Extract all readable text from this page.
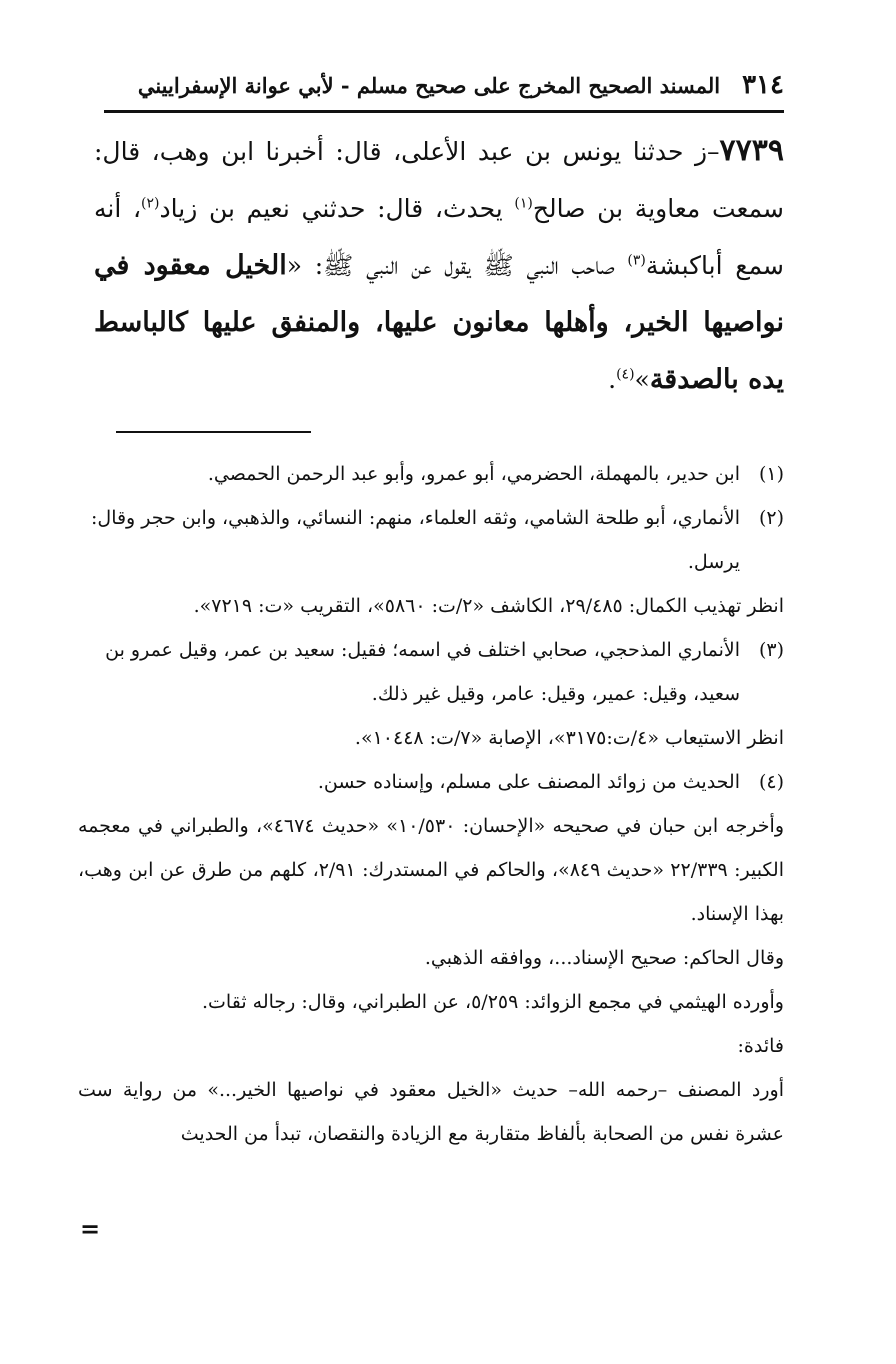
٣١٤
المسند الصحيح المخرج على صحيح مسلم - لأبي عوانة الإسفراييني
٧٧٣٩–ز حدثنا يونس بن عبد الأعلى، قال: أخبرنا ابن وهب، قال: سمعت معاوية بن صالح$^{(١)}$ يحدث، قال: حدثني نعيم بن زياد$^{(٢)}$، أنه سمع أباكبشة$^{(٣)}$ صاحب النبي ﷺ يقول عن النبي ﷺ: «الخيل معقود في نواصيها الخير، وأهلها معانون عليها، والمنفق عليها كالباسط يده بالصدقة»$^{(٤)}$.
(١)
ابن حدير، بالمهملة، الحضرمي، أبو عمرو، وأبو عبد الرحمن الحمصي.
(٢)
الأنماري، أبو طلحة الشامي، وثقه العلماء، منهم: النسائي، والذهبي، وابن حجر وقال: يرسل.
انظر تهذيب الكمال: ٢٩/٤٨٥، الكاشف «٢/ت: ٥٨٦٠»، التقريب «ت: ٧٢١٩».
(٣)
الأنماري المذحجي، صحابي اختلف في اسمه؛ فقيل: سعيد بن عمر، وقيل عمرو بن سعيد، وقيل: عمير، وقيل: عامر، وقيل غير ذلك.
انظر الاستيعاب «٤/ت:٣١٧٥»، الإصابة «٧/ت: ١٠٤٤٨».
(٤)
الحديث من زوائد المصنف على مسلم، وإسناده حسن.
وأخرجه ابن حبان في صحيحه «الإحسان: ١٠/٥٣٠» «حديث ٤٦٧٤»، والطبراني في معجمه الكبير: ٢٢/٣٣٩ «حديث ٨٤٩»، والحاكم في المستدرك: ٢/٩١، كلهم من طرق عن ابن وهب، بهذا الإسناد.
وقال الحاكم: صحيح الإسناد...، ووافقه الذهبي.
وأورده الهيثمي في مجمع الزوائد: ٥/٢٥٩، عن الطبراني، وقال: رجاله ثقات.
فائدة:
أورد المصنف –رحمه الله– حديث «الخيل معقود في نواصيها الخير...» من رواية ست عشرة نفس من الصحابة بألفاظ متقاربة مع الزيادة والنقصان، تبدأ من الحديث
=
